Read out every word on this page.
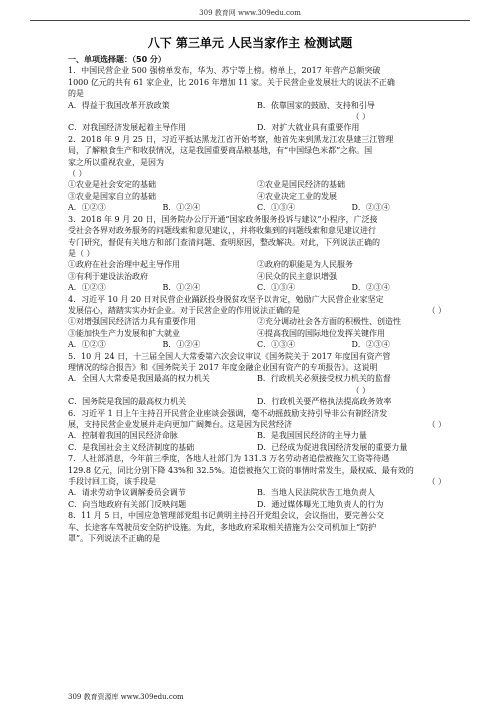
309 教育网 www.309edu.com
八下 第三单元 人民当家作主 检测试题

一、单项选择题：（50 分）

1．中国民营企业 500 强榜单发布，华为、苏宁等上榜。榜单上，2017 年营产总额突破

1000 亿元的共有 61 家企业，比 2016 年增加 11 家。关于民营企业发展壮大的说法不正确

的是

A．得益于我国改革开放政策	B．依靠国家的鼓励、支持和引导
（ ）
C．对我国经济发展起着主导作用	D．对扩大就业具有重要作用

2．2018 年 9 月 25 日，习近平抵达黑龙江省开始考察，他首先来到黑龙江农垦建三江管理

局，了解粮食生产和收获情况，这是我国重要商品粮基地，有“中国绿色米都”之称。国

家之所以重视农业，是因为

（ ）

①农业是社会安定的基础	②农业是国民经济的基础
③农业是国家自立的基础	④农业决定工业的发展
A．①②③	B．①②④	C．①③④	D．②③④

3．2018 年 9 月 20 日，国务院办公厅开通“国家政务服务投诉与建议”小程序，广泛接

受社会各界对政务服务的问题线索和意见建议，，并将收集到的问题线索和意见建议进行

专门研究，督促有关地方和部门查清问题、查明原因，整改解决。对此，下列说法正确的

是（ ）

①政府在社会治理中起主导作用	②政府的职能是为人民服务
③有利于建设法治政府	④民众的民主意识增强
A．①②③	B．①②④	C．①③④	D．②③④

4．习近平 10 月 20 日对民营企业踊跃投身脱贫攻坚予以肯定，勉励广大民营企业家坚定

发展信心，踏踏实实办好企业。对于民营企业的作用说法正确的是	（ ）

①对增强国民经济活力具有重要作用	②充分调动社会各方面的积极性、创造性
③能加快生产力发展和扩大就业	④提高我国的国际地位发挥关键作用
A．①②③	B．①②④	C．①③④	D．②③④

5．10 月 24 日，十三届全国人大常委第六次会议审议《国务院关于 2017 年度国有资产管

理情况的综合报告》和《国务院关于 2017 年度金融企业国有资产的专项报告》。这说明

A．全国人大常委是我国最高的权力机关	B．行政机关必须接受权力机关的监督
（ ）
C．国务院是我国的最高权力机关	D．行政机关要严格执法提高政务效率

6．习近平 1 日上午主持召开民营企业座谈会强调，毫不动摇鼓励支持引导非公有制经济发

展，支持民营企业发展并走向更加广阔舞台。这是因为民营经济	（ ）

A．控制着我国的国民经济命脉	B．是我国国民经济的主导力量
C．是我国社会主义经济制度的基础	D．已经成为促进我国经济发展的重要力量

7．人社部消息，今年前三季度，各地人社部门为 131.3 万名劳动者追偿被拖欠工资等待遇

129.8 亿元，同比分别下降 43%和 32.5%。追偿被拖欠工资的事情时常发生，最权威、最有效的

手段讨回工资，该手段是	（ ）

A．请求劳动争议调解委员会调节	B．当地人民法院状告工地负责人
C．向当地政府有关部门反映问题	D．通过媒体曝光工地负责人的行为

8．11 月 5 日，中国应急管理部党组书记黄明主持召开党组会议，会议指出，要完善公交

车、长途客车驾驶员安全防护设施。为此，多地政府采取相关措施为公交司机加上“防护

罩”。下列说法不正确的是

309 教育资源库 www.309edu.com
